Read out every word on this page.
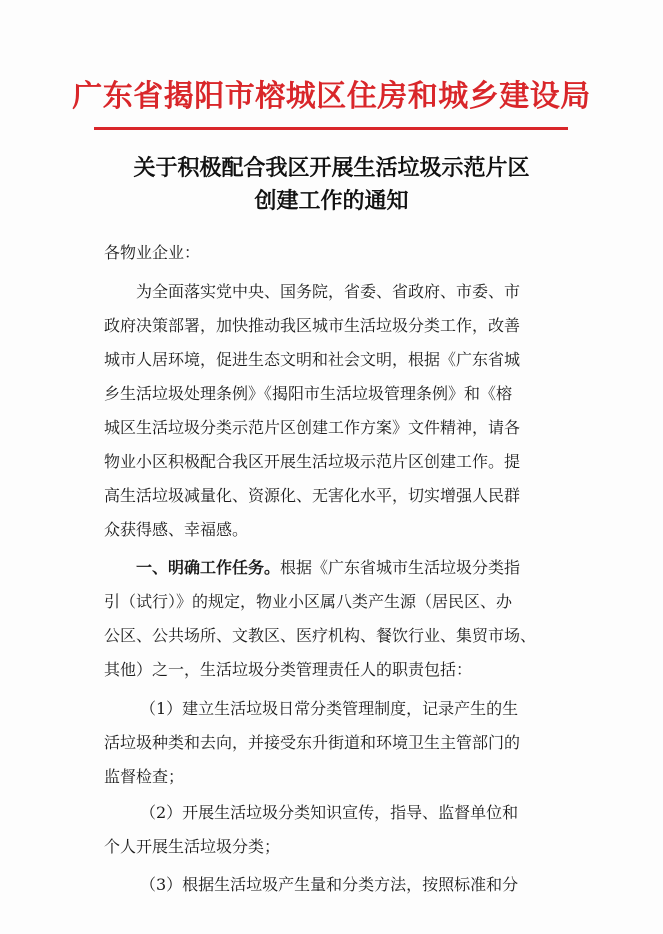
广东省揭阳市榕城区住房和城乡建设局
关于积极配合我区开展生活垃圾示范片区
创建工作的通知
各物业企业：
为全面落实党中央、国务院，省委、省政府、市委、市
政府决策部署，加快推动我区城市生活垃圾分类工作，改善
城市人居环境，促进生态文明和社会文明，根据《广东省城
乡生活垃圾处理条例》《揭阳市生活垃圾管理条例》和《榕
城区生活垃圾分类示范片区创建工作方案》文件精神，请各
物业小区积极配合我区开展生活垃圾示范片区创建工作。提
高生活垃圾减量化、资源化、无害化水平，切实增强人民群
众获得感、幸福感。
一、明确工作任务。根据《广东省城市生活垃圾分类指
引（试行）》的规定，物业小区属八类产生源（居民区、办
公区、公共场所、文教区、医疗机构、餐饮行业、集贸市场、
其他）之一，生活垃圾分类管理责任人的职责包括：
（1）建立生活垃圾日常分类管理制度，记录产生的生
活垃圾种类和去向，并接受东升街道和环境卫生主管部门的
监督检查；
（2）开展生活垃圾分类知识宣传，指导、监督单位和
个人开展生活垃圾分类；
（3）根据生活垃圾产生量和分类方法，按照标准和分
